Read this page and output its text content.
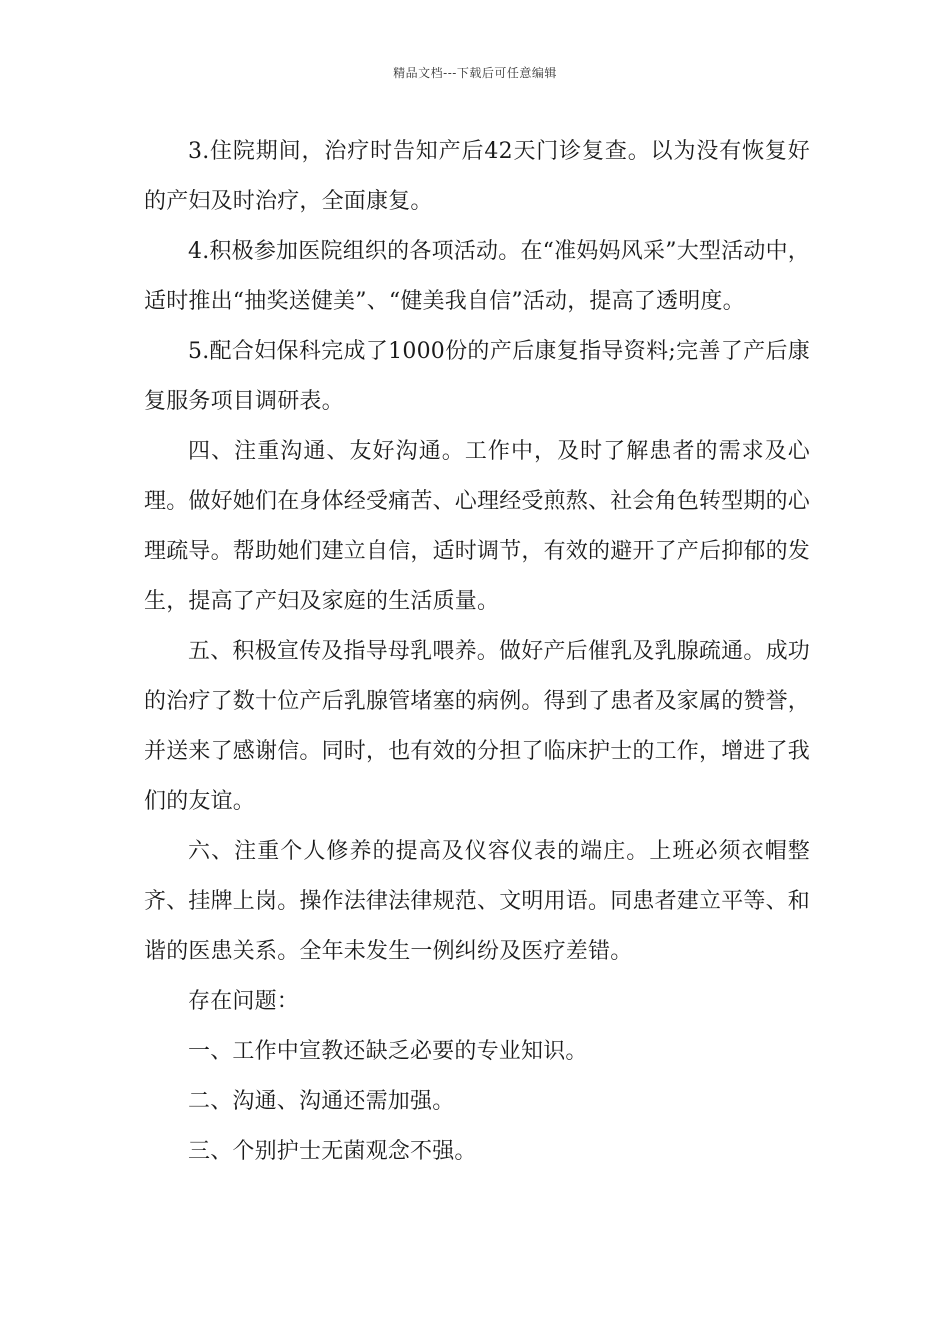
精品文档---下载后可任意编辑

3.住院期间，治疗时告知产后42天门诊复查。以为没有恢复好的产妇及时治疗，全面康复。

4.积极参加医院组织的各项活动。在“准妈妈风采”大型活动中，适时推出“抽奖送健美”、“健美我自信”活动，提高了透明度。

5.配合妇保科完成了1000份的产后康复指导资料;完善了产后康复服务项目调研表。

四、注重沟通、友好沟通。工作中，及时了解患者的需求及心理。做好她们在身体经受痛苦、心理经受煎熬、社会角色转型期的心理疏导。帮助她们建立自信，适时调节，有效的避开了产后抑郁的发生，提高了产妇及家庭的生活质量。

五、积极宣传及指导母乳喂养。做好产后催乳及乳腺疏通。成功的治疗了数十位产后乳腺管堵塞的病例。得到了患者及家属的赞誉，并送来了感谢信。同时，也有效的分担了临床护士的工作，增进了我们的友谊。

六、注重个人修养的提高及仪容仪表的端庄。上班必须衣帽整齐、挂牌上岗。操作法律法律规范、文明用语。同患者建立平等、和谐的医患关系。全年未发生一例纠纷及医疗差错。

存在问题：

一、工作中宣教还缺乏必要的专业知识。

二、沟通、沟通还需加强。

三、个别护士无菌观念不强。
